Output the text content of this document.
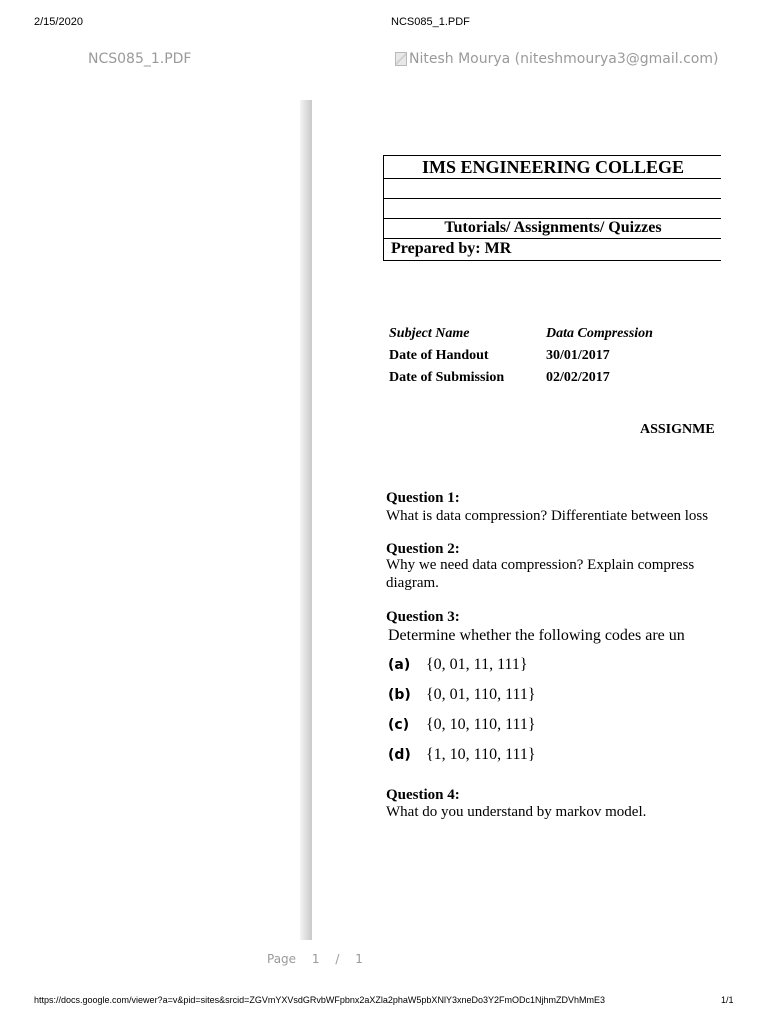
2/15/2020	NCS085_1.PDF
NCS085_1.PDF	Nitesh Mourya (niteshmourya3@gmail.com)
IMS ENGINEERING COLLEGE
Tutorials/ Assignments/ Quizzes
Prepared by: MR
Subject Name	Data Compression
Date of Handout	30/01/2017
Date of Submission	02/02/2017
ASSIGNME
Question 1:
What is data compression? Differentiate between loss
Question 2:
Why we need data compression? Explain compress
diagram.
Question 3:
Determine whether the following codes are un
(a) {0, 01, 11, 111}
(b) {0, 01, 110, 111}
(c) {0, 10, 110, 111}
(d) {1, 10, 110, 111}
Question 4:
What do you understand by markov model.
Page 1 / 1
https://docs.google.com/viewer?a=v&pid=sites&srcid=ZGVmYXVsdGRvbWFpbnx2aXZla2phaW5pbXNlY3xneDo3Y2FmODc1NjhmZDVhMmE3	1/1
